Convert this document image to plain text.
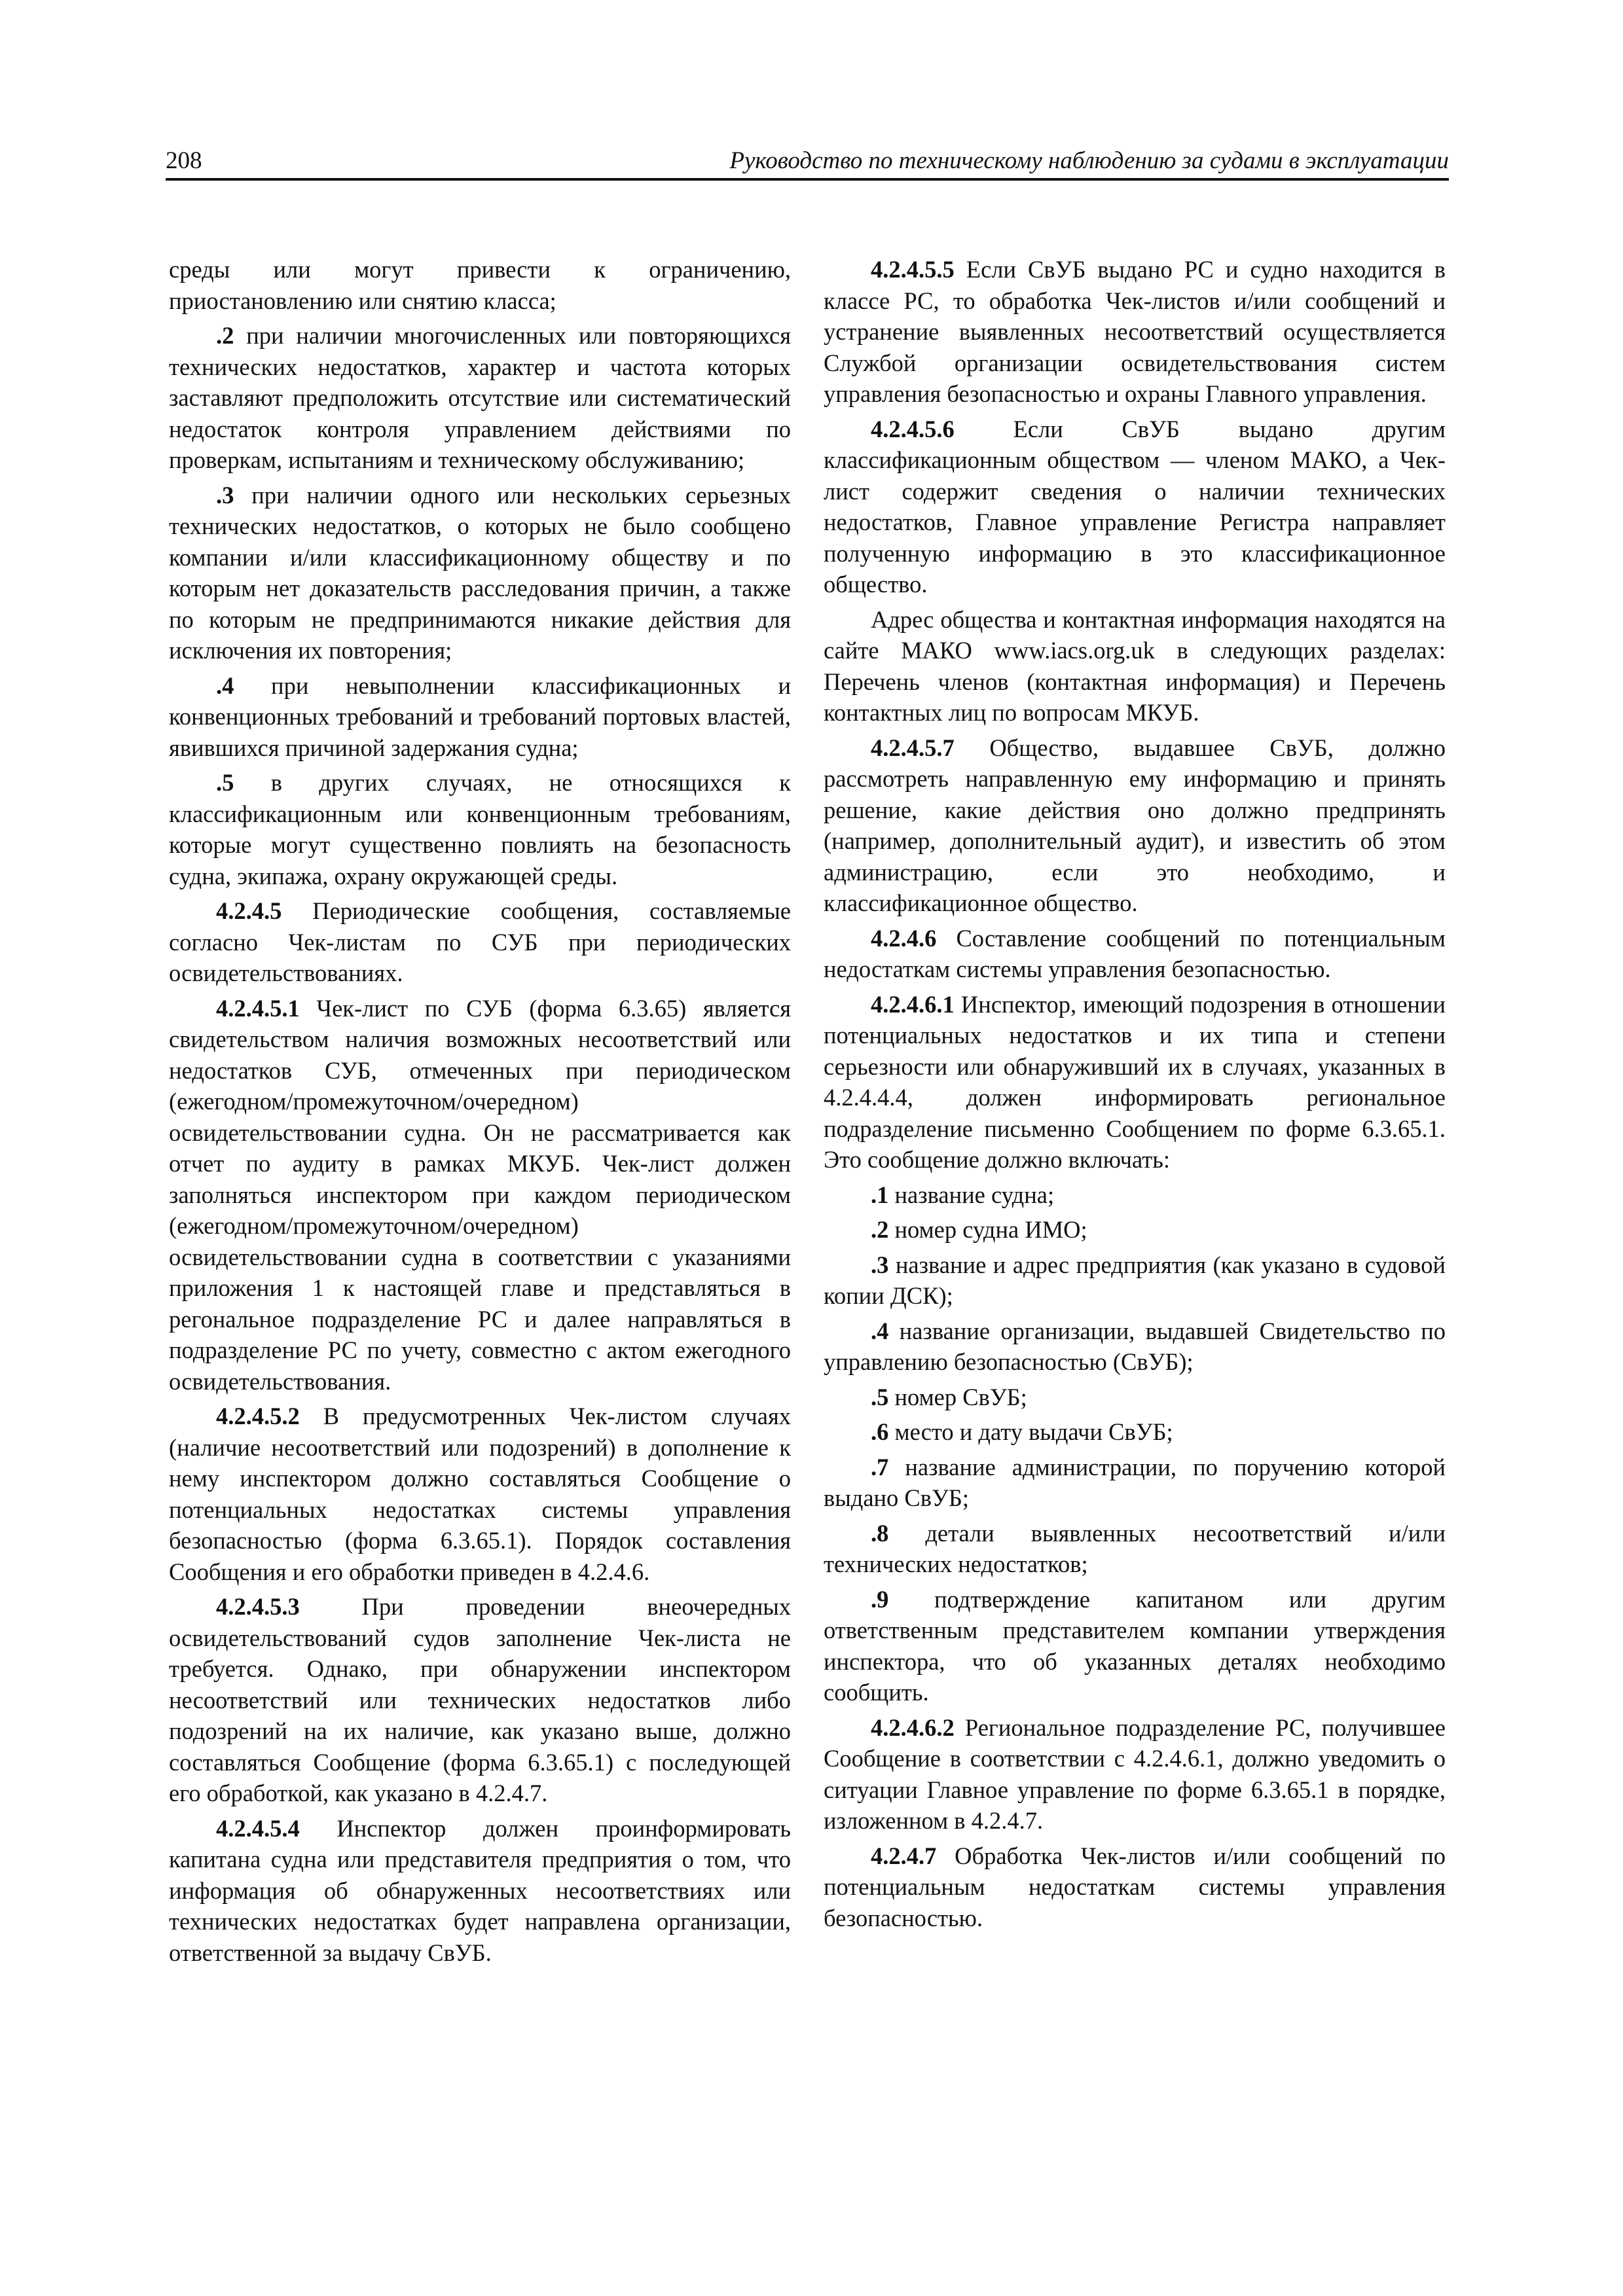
208	Руководство по техническому наблюдению за судами в эксплуатации

среды или могут привести к ограничению, приостановлению или снятию класса;

.2 при наличии многочисленных или повторяющихся технических недостатков, характер и частота которых заставляют предположить отсутствие или систематический недостаток контроля управлением действиями по проверкам, испытаниям и техническому обслуживанию;

.3 при наличии одного или нескольких серьезных технических недостатков, о которых не было сообщено компании и/или классификационному обществу и по которым нет доказательств расследования причин, а также по которым не предпринимаются никакие действия для исключения их повторения;

.4 при невыполнении классификационных и конвенционных требований и требований портовых властей, явившихся причиной задержания судна;

.5 в других случаях, не относящихся к классификационным или конвенционным требованиям, которые могут существенно повлиять на безопасность судна, экипажа, охрану окружающей среды.

4.2.4.5 Периодические сообщения, составляемые согласно Чек-листам по СУБ при периодических освидетельствованиях.

4.2.4.5.1 Чек-лист по СУБ (форма 6.3.65) является свидетельством наличия возможных несоответствий или недостатков СУБ, отмеченных при периодическом (ежегодном/промежуточном/очередном) освидетельствовании судна. Он не рассматривается как отчет по аудиту в рамках МКУБ. Чек-лист должен заполняться инспектором при каждом периодическом (ежегодном/промежуточном/очередном) освидетельствовании судна в соответствии с указаниями приложения 1 к настоящей главе и представляться в регональное подразделение РС и далее направляться в подразделение РС по учету, совместно с актом ежегодного освидетельствования.

4.2.4.5.2 В предусмотренных Чек-листом случаях (наличие несоответствий или подозрений) в дополнение к нему инспектором должно составляться Сообщение о потенциальных недостатках системы управления безопасностью (форма 6.3.65.1). Порядок составления Сообщения и его обработки приведен в 4.2.4.6.

4.2.4.5.3 При проведении внеочередных освидетельствований судов заполнение Чек-листа не требуется. Однако, при обнаружении инспектором несоответствий или технических недостатков либо подозрений на их наличие, как указано выше, должно составляться Сообщение (форма 6.3.65.1) с последующей его обработкой, как указано в 4.2.4.7.

4.2.4.5.4 Инспектор должен проинформировать капитана судна или представителя предприятия о том, что информация об обнаруженных несоответствиях или технических недостатках будет направлена организации, ответственной за выдачу СвУБ.

4.2.4.5.5 Если СвУБ выдано РС и судно находится в классе РС, то обработка Чек-листов и/или сообщений и устранение выявленных несоответствий осуществляется Службой организации освидетельствования систем управления безопасностью и охраны Главного управления.

4.2.4.5.6 Если СвУБ выдано другим классификационным обществом — членом МАКО, а Чек-лист содержит сведения о наличии технических недостатков, Главное управление Регистра направляет полученную информацию в это классификационное общество.

Адрес общества и контактная информация находятся на сайте МАКО www.iacs.org.uk в следующих разделах: Перечень членов (контактная информация) и Перечень контактных лиц по вопросам МКУБ.

4.2.4.5.7 Общество, выдавшее СвУБ, должно рассмотреть направленную ему информацию и принять решение, какие действия оно должно предпринять (например, дополнительный аудит), и известить об этом администрацию, если это необходимо, и классификационное общество.

4.2.4.6 Составление сообщений по потенциальным недостаткам системы управления безопасностью.

4.2.4.6.1 Инспектор, имеющий подозрения в отношении потенциальных недостатков и их типа и степени серьезности или обнаруживший их в случаях, указанных в 4.2.4.4.4, должен информировать региональное подразделение письменно Сообщением по форме 6.3.65.1. Это сообщение должно включать:

.1 название судна;

.2 номер судна ИМО;

.3 название и адрес предприятия (как указано в судовой копии ДСК);

.4 название организации, выдавшей Свидетельство по управлению безопасностью (СвУБ);

.5 номер СвУБ;

.6 место и дату выдачи СвУБ;

.7 название администрации, по поручению которой выдано СвУБ;

.8 детали выявленных несоответствий и/или технических недостатков;

.9 подтверждение капитаном или другим ответственным представителем компании утверждения инспектора, что об указанных деталях необходимо сообщить.

4.2.4.6.2 Региональное подразделение РС, получившее Сообщение в соответствии с 4.2.4.6.1, должно уведомить о ситуации Главное управление по форме 6.3.65.1 в порядке, изложенном в 4.2.4.7.

4.2.4.7 Обработка Чек-листов и/или сообщений по потенциальным недостаткам системы управления безопасностью.
